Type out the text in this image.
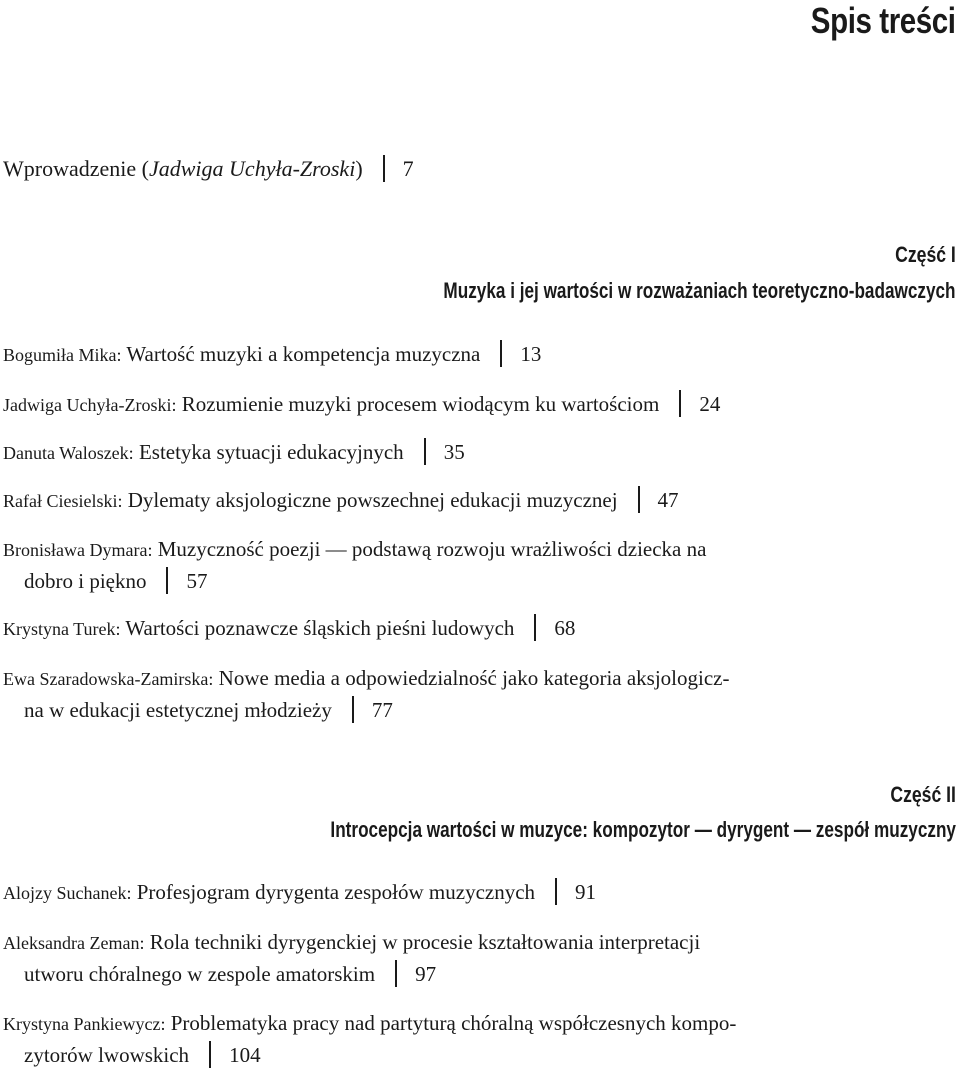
Spis treści
Wprowadzenie (Jadwiga Uchyła-Zroski) 7
Część I
Muzyka i jej wartości w rozważaniach teoretyczno-badawczych
Bogumiła Mika: Wartość muzyki a kompetencja muzyczna 13
Jadwiga Uchyła-Zroski: Rozumienie muzyki procesem wiodącym ku wartościom 24
Danuta Waloszek: Estetyka sytuacji edukacyjnych 35
Rafał Ciesielski: Dylematy aksjologiczne powszechnej edukacji muzycznej 47
Bronisława Dymara: Muzyczność poezji — podstawą rozwoju wrażliwości dziecka na
dobro i piękno 57
Krystyna Turek: Wartości poznawcze śląskich pieśni ludowych 68
Ewa Szaradowska-Zamirska: Nowe media a odpowiedzialność jako kategoria aksjologicz-
na w edukacji estetycznej młodzieży 77
Część II
Introcepcja wartości w muzyce: kompozytor — dyrygent — zespół muzyczny
Alojzy Suchanek: Profesjogram dyrygenta zespołów muzycznych 91
Aleksandra Zeman: Rola techniki dyrygenckiej w procesie kształtowania interpretacji
utworu chóralnego w zespole amatorskim 97
Krystyna Pankiewycz: Problematyka pracy nad partyturą chóralną współczesnych kompo-
zytorów lwowskich 104
